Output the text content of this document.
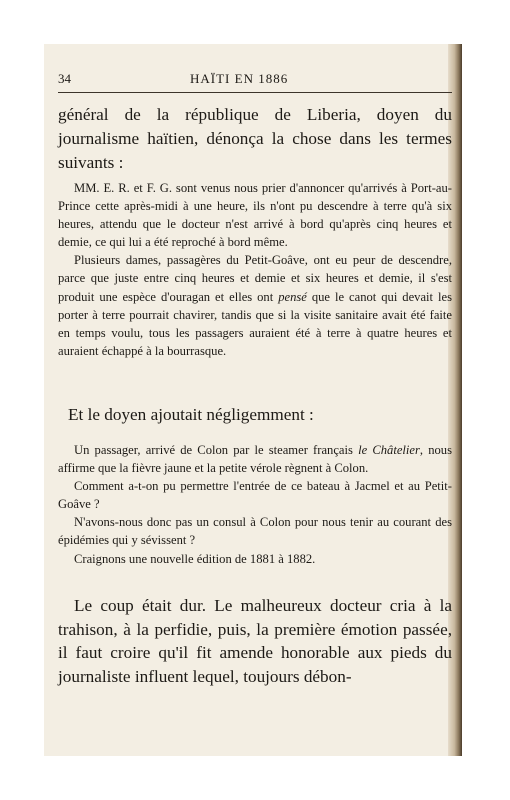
34	HAÏTI EN 1886

général de la république de Liberia, doyen du journalisme haïtien, dénonça la chose dans les termes suivants :

MM. E. R. et F. G. sont venus nous prier d'annoncer qu'arrivés à Port-au-Prince cette après-midi à une heure, ils n'ont pu descendre à terre qu'à six heures, attendu que le docteur n'est arrivé à bord qu'après cinq heures et demie, ce qui lui a été reproché à bord même.

Plusieurs dames, passagères du Petit-Goâve, ont eu peur de descendre, parce que juste entre cinq heures et demie et six heures et demie, il s'est produit une espèce d'ouragan et elles ont pensé que le canot qui devait les porter à terre pourrait chavirer, tandis que si la visite sanitaire avait été faite en temps voulu, tous les passagers auraient été à terre à quatre heures et auraient échappé à la bourrasque.

Et le doyen ajoutait négligemment :

Un passager, arrivé de Colon par le steamer français le Châtelier, nous affirme que la fièvre jaune et la petite vérole règnent à Colon.

Comment a-t-on pu permettre l'entrée de ce bateau à Jacmel et au Petit-Goâve ?

N'avons-nous donc pas un consul à Colon pour nous tenir au courant des épidémies qui y sévissent ?

Craignons une nouvelle édition de 1881 à 1882.

Le coup était dur. Le malheureux docteur cria à la trahison, à la perfidie, puis, la première émotion passée, il faut croire qu'il fit amende honorable aux pieds du journaliste influent lequel, toujours débon-
